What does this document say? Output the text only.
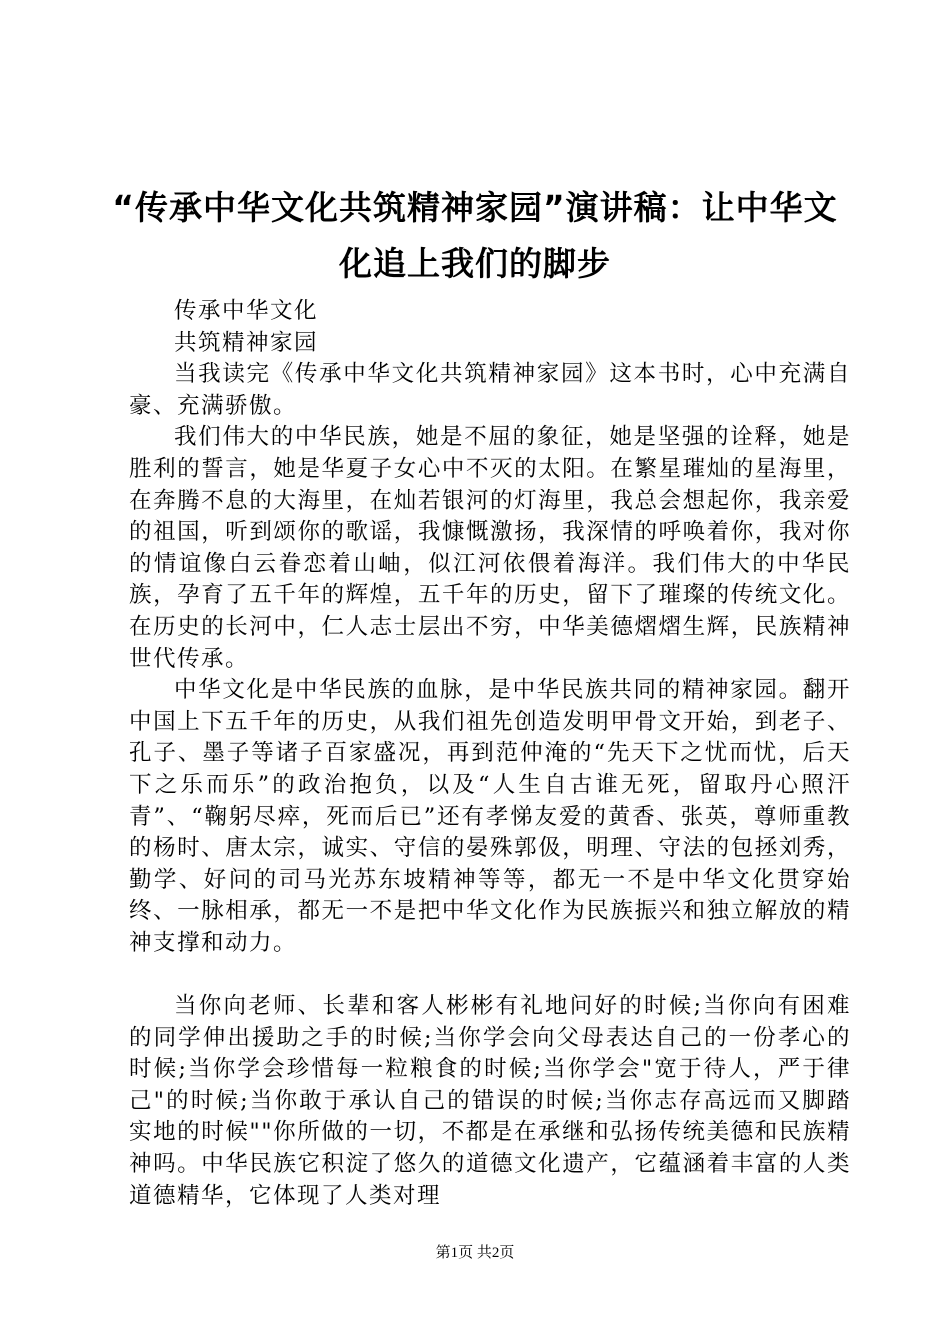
“传承中华文化共筑精神家园”演讲稿：让中华文化追上我们的脚步

传承中华文化

共筑精神家园

当我读完《传承中华文化共筑精神家园》这本书时，心中充满自豪、充满骄傲。

我们伟大的中华民族，她是不屈的象征，她是坚强的诠释，她是胜利的誓言，她是华夏子女心中不灭的太阳。在繁星璀灿的星海里，在奔腾不息的大海里，在灿若银河的灯海里，我总会想起你，我亲爱的祖国，听到颂你的歌谣，我慷慨激扬，我深情的呼唤着你，我对你的情谊像白云眷恋着山岫，似江河依偎着海洋。我们伟大的中华民族，孕育了五千年的辉煌，五千年的历史，留下了璀璨的传统文化。在历史的长河中，仁人志士层出不穷，中华美德熠熠生辉，民族精神世代传承。

中华文化是中华民族的血脉，是中华民族共同的精神家园。翻开中国上下五千年的历史，从我们祖先创造发明甲骨文开始，到老子、孔子、墨子等诸子百家盛况，再到范仲淹的“先天下之忧而忧，后天下之乐而乐”的政治抱负，以及“人生自古谁无死，留取丹心照汗青”、“鞠躬尽瘁，死而后已”还有孝悌友爱的黄香、张英，尊师重教的杨时、唐太宗，诚实、守信的晏殊郭伋，明理、守法的包拯刘秀，勤学、好问的司马光苏东坡精神等等，都无一不是中华文化贯穿始终、一脉相承，都无一不是把中华文化作为民族振兴和独立解放的精神支撑和动力。

当你向老师、长辈和客人彬彬有礼地问好的时候;当你向有困难的同学伸出援助之手的时候;当你学会向父母表达自己的一份孝心的时候;当你学会珍惜每一粒粮食的时候;当你学会"宽于待人，严于律己"的时候;当你敢于承认自己的错误的时候;当你志存高远而又脚踏实地的时候""你所做的一切，不都是在承继和弘扬传统美德和民族精神吗。中华民族它积淀了悠久的道德文化遗产，它蕴涵着丰富的人类道德精华，它体现了人类对理

第1页 共2页
